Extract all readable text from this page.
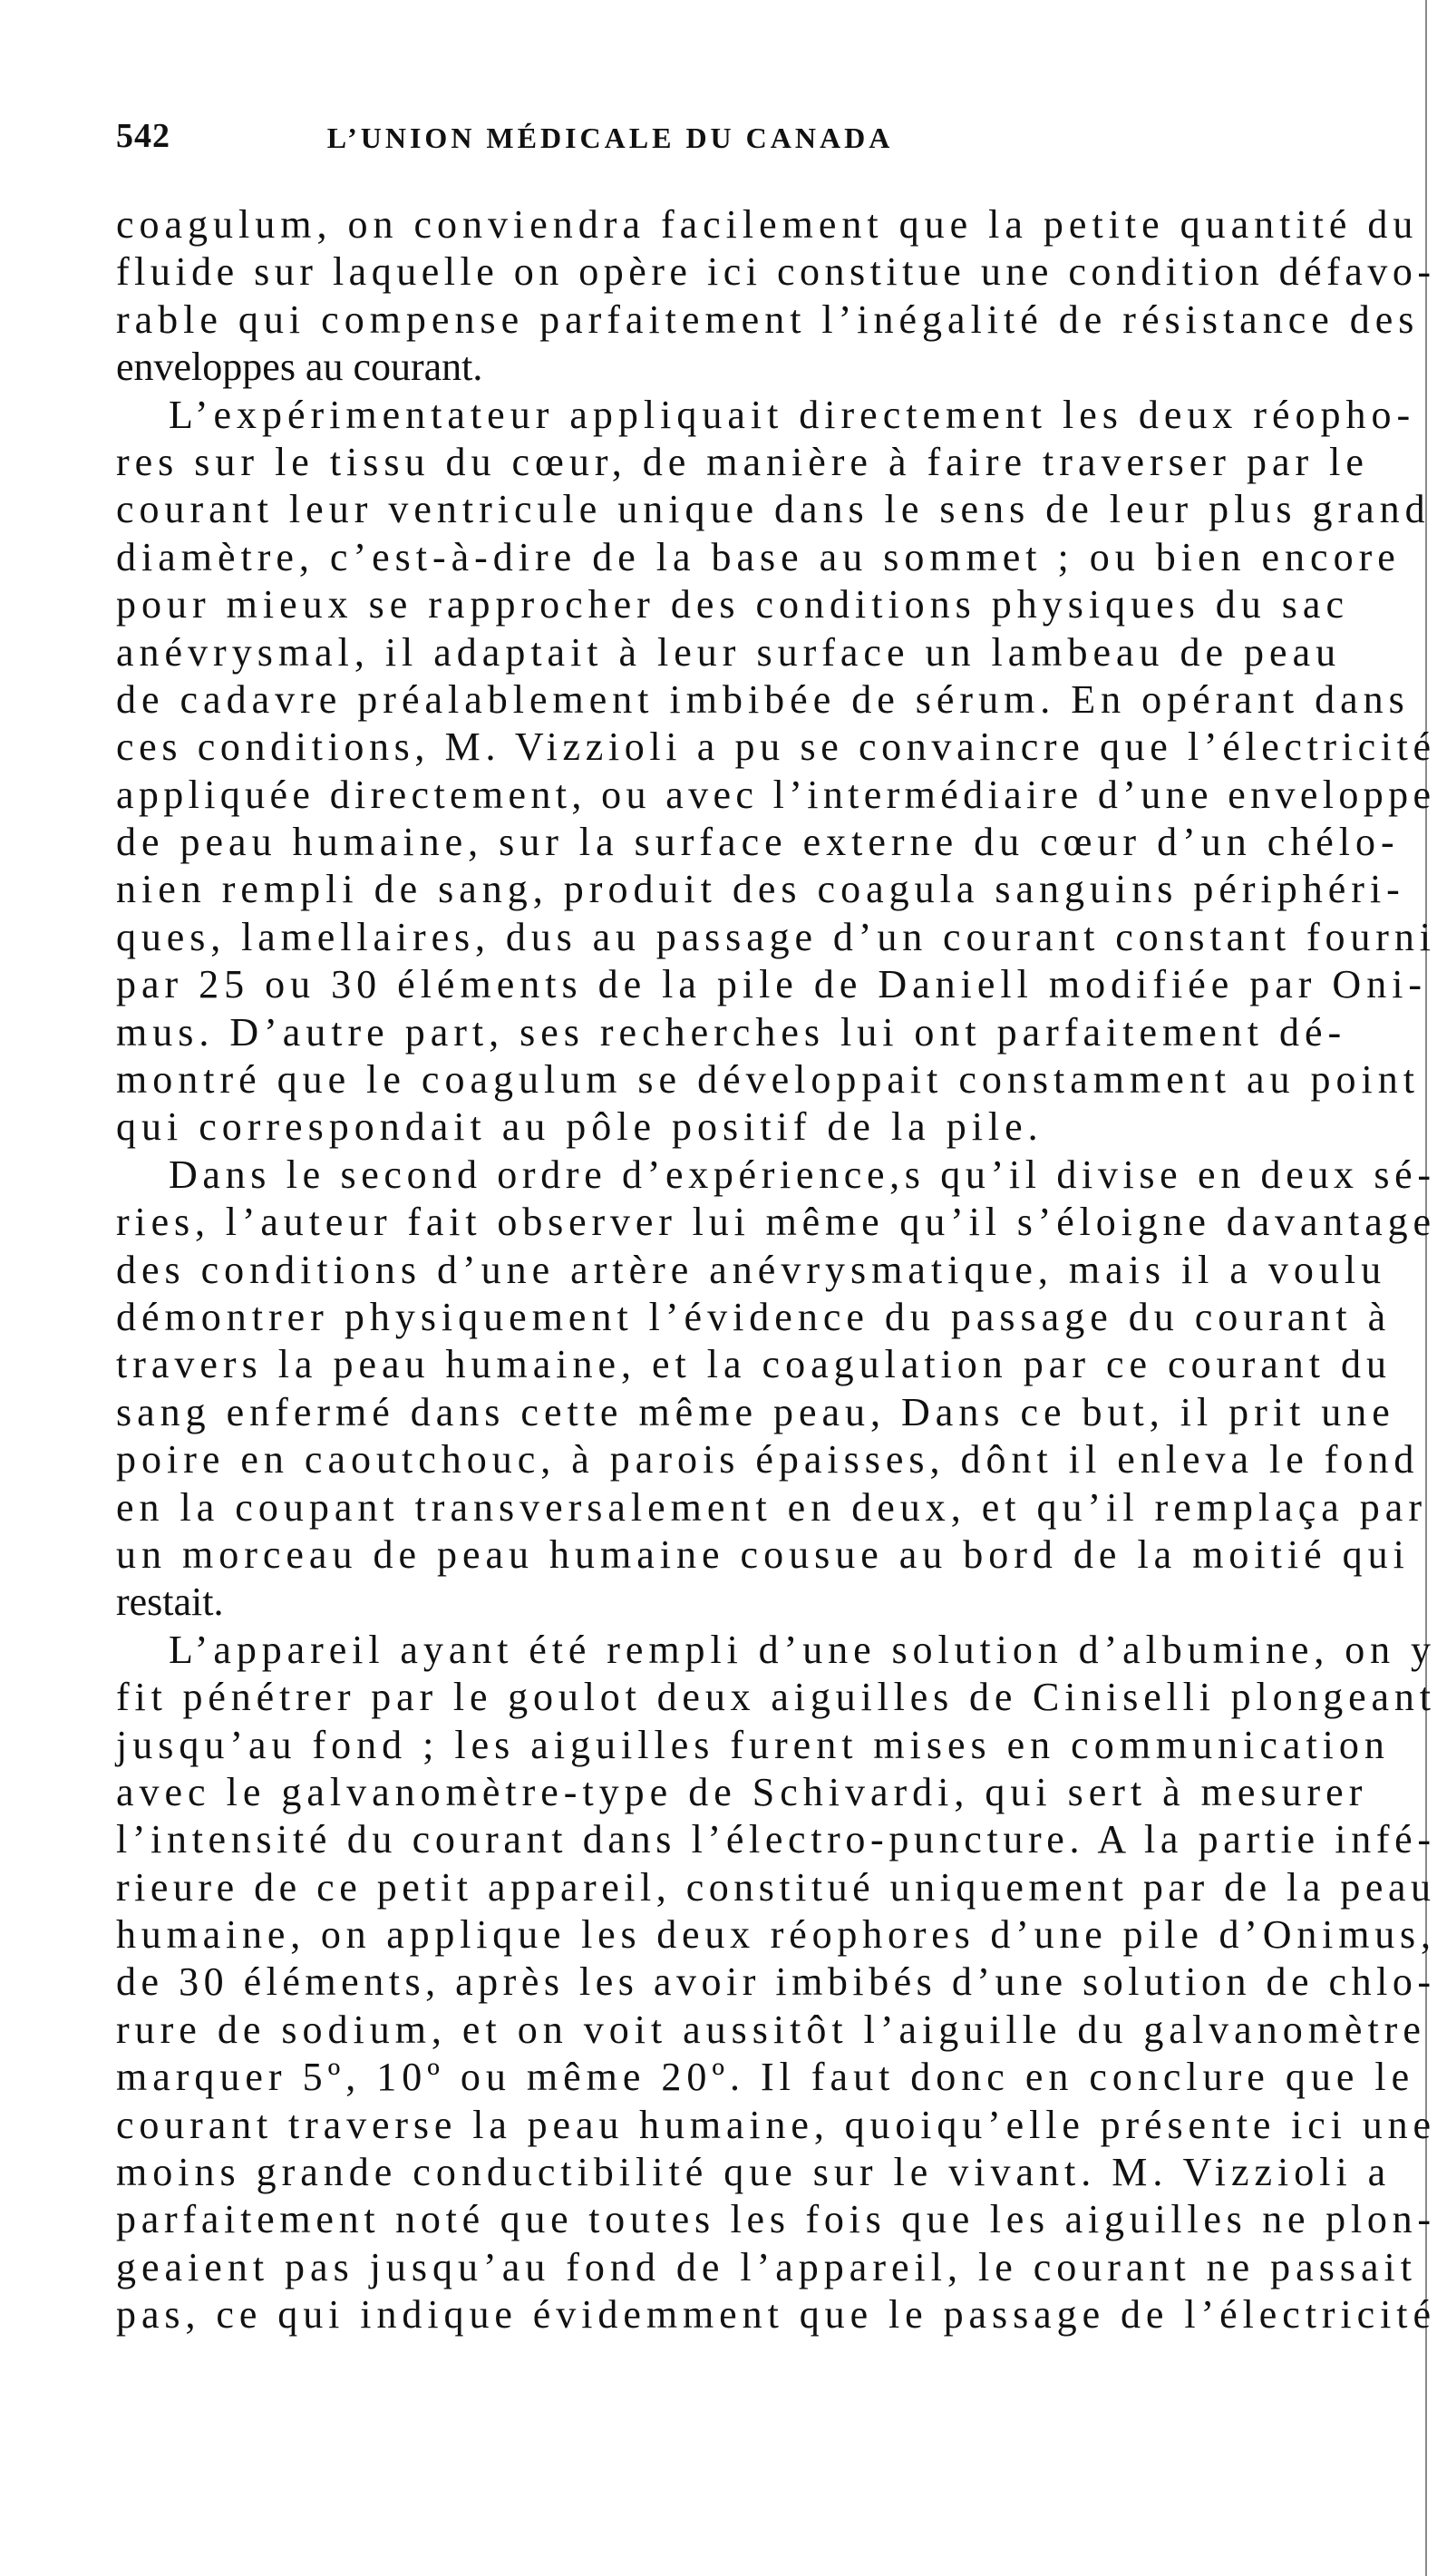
542	L’UNION MÉDICALE DU CANADA
coagulum, on conviendra facilement que la petite quantité du
fluide sur laquelle on opère ici constitue une condition défavo-
rable qui compense parfaitement l’inégalité de résistance des
enveloppes au courant.
L’expérimentateur appliquait directement les deux réopho-
res sur le tissu du cœur, de manière à faire traverser par le
courant leur ventricule unique dans le sens de leur plus grand
diamètre, c’est-à-dire de la base au sommet ; ou bien encore
pour mieux se rapprocher des conditions physiques du sac
anévrysmal, il adaptait à leur surface un lambeau de peau
de cadavre préalablement imbibée de sérum. En opérant dans
ces conditions, M. Vizzioli a pu se convaincre que l’électricité
appliquée directement, ou avec l’intermédiaire d’une enveloppe
de peau humaine, sur la surface externe du cœur d’un chélo-
nien rempli de sang, produit des coagula sanguins périphéri-
ques, lamellaires, dus au passage d’un courant constant fourni
par 25 ou 30 éléments de la pile de Daniell modifiée par Oni-
mus. D’autre part, ses recherches lui ont parfaitement dé-
montré que le coagulum se développait constamment au point
qui correspondait au pôle positif de la pile.
Dans le second ordre d’expérience,s qu’il divise en deux sé-
ries, l’auteur fait observer lui même qu’il s’éloigne davantage
des conditions d’une artère anévrysmatique, mais il a voulu
démontrer physiquement l’évidence du passage du courant à
travers la peau humaine, et la coagulation par ce courant du
sang enfermé dans cette même peau, Dans ce but, il prit une
poire en caoutchouc, à parois épaisses, dônt il enleva le fond
en la coupant transversalement en deux, et qu’il remplaça par
un morceau de peau humaine cousue au bord de la moitié qui
restait.
L’appareil ayant été rempli d’une solution d’albumine, on y
fit pénétrer par le goulot deux aiguilles de Ciniselli plongeant
jusqu’au fond ; les aiguilles furent mises en communication
avec le galvanomètre-type de Schivardi, qui sert à mesurer
l’intensité du courant dans l’électro-puncture. A la partie infé-
rieure de ce petit appareil, constitué uniquement par de la peau
humaine, on applique les deux réophores d’une pile d’Onimus,
de 30 éléments, après les avoir imbibés d’une solution de chlo-
rure de sodium, et on voit aussitôt l’aiguille du galvanomètre
marquer 5º, 10º ou même 20º. Il faut donc en conclure que le
courant traverse la peau humaine, quoiqu’elle présente ici une
moins grande conductibilité que sur le vivant. M. Vizzioli a
parfaitement noté que toutes les fois que les aiguilles ne plon-
geaient pas jusqu’au fond de l’appareil, le courant ne passait
pas, ce qui indique évidemment que le passage de l’électricité
